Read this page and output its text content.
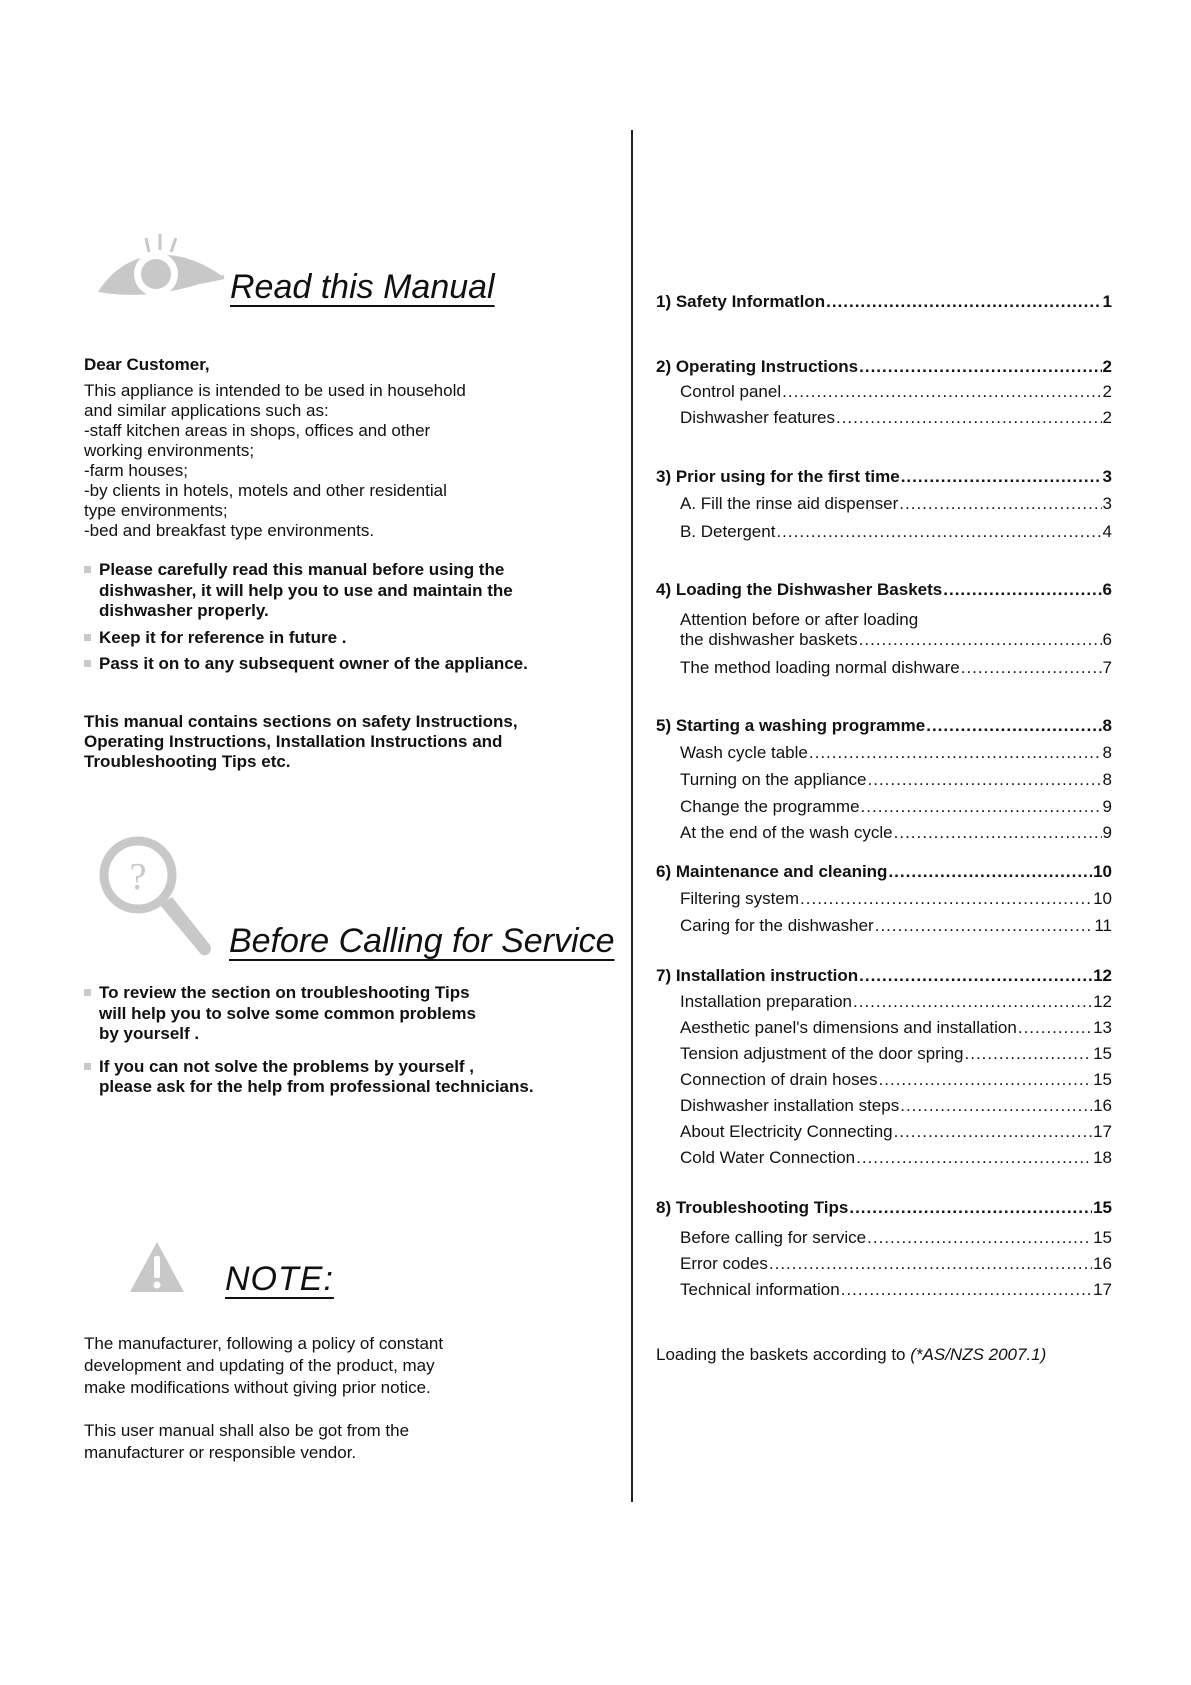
Read this Manual
Dear Customer,
This appliance is intended to be used in household
and similar applications such as:
-staff kitchen areas in shops, offices and other
working environments;
-farm houses;
-by clients in hotels, motels and other residential
type environments;
-bed and breakfast type environments.
Please carefully read this manual before using the
dishwasher, it will help you to use and maintain the
dishwasher properly.
Keep it for reference in future .
Pass it on to any subsequent owner of the appliance.
This manual contains sections on safety Instructions,
Operating Instructions, Installation Instructions and
Troubleshooting Tips etc.
?
Before Calling for Service
To review the section on troubleshooting Tips
will help you to solve some common problems
by yourself .
If you can not solve the problems by yourself ,
please ask for the help from professional technicians.
NOTE:
The manufacturer, following a policy of constant
development and updating of the product, may
make modifications without giving prior notice.
This user manual shall also be got from the
manufacturer or responsible vendor.
1) Safety Informatlon .....	1
2) Operating Instructions .....	2
Control panel .....	2
Dishwasher features .....	2
3) Prior using for the first time .....	3
A. Fill the rinse aid dispenser .....	3
B. Detergent .....	4
4) Loading the Dishwasher Baskets .....	6
Attention before or after loading
the dishwasher baskets .....	6
The method loading normal dishware .....	7
5) Starting a washing programme .....	8
Wash cycle table .....	8
Turning on the appliance .....	8
Change the programme .....	9
At the end of the wash cycle .....	9
6) Maintenance and cleaning .....	10
Filtering system .....	10
Caring for the dishwasher .....	11
7) Installation instruction .....	12
Installation preparation .....	12
Aesthetic panel's dimensions and installation .....	13
Tension adjustment of the door spring .....	15
Connection of drain hoses .....	15
Dishwasher installation steps .....	16
About Electricity Connecting .....	17
Cold Water Connection .....	18
8) Troubleshooting Tips .....	15
Before calling for service .....	15
Error codes .....	16
Technical information .....	17
Loading the baskets according to (*AS/NZS 2007.1)
